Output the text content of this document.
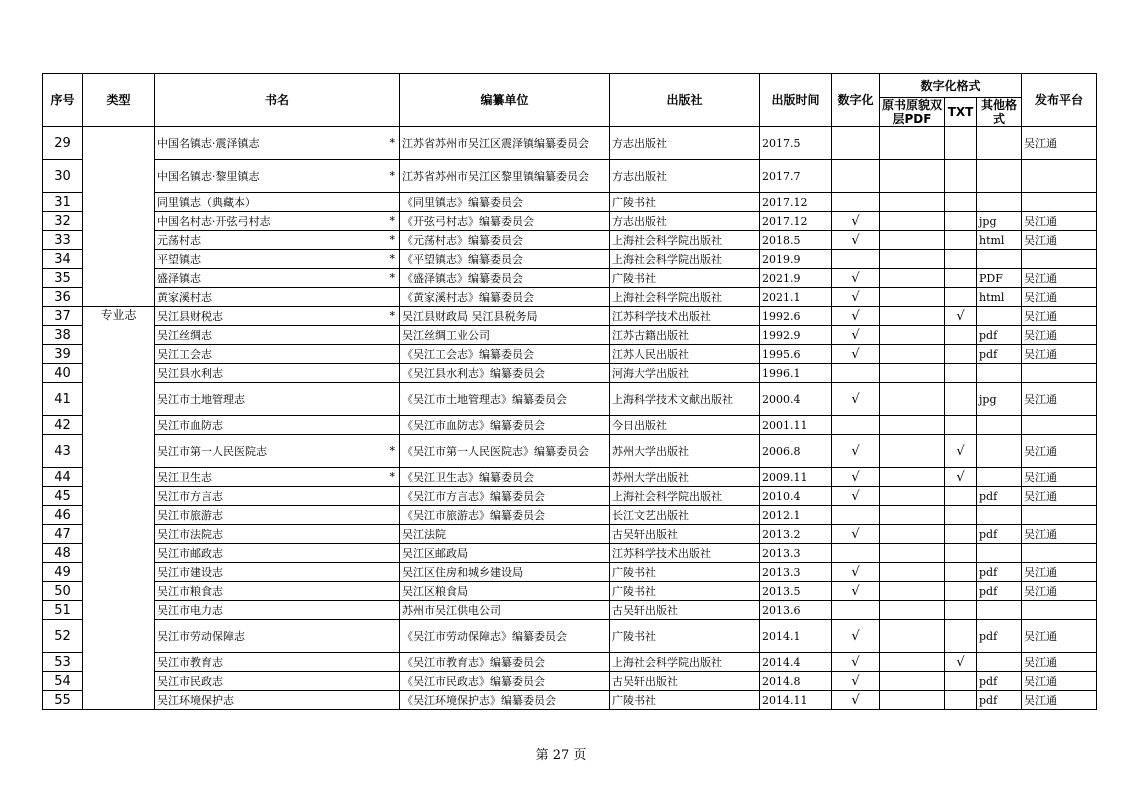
序号	类型	书名	编纂单位	出版社	出版时间	数字化	数字化格式			发布平台
							原书原貌双层PDF	TXT	其他格式	
29		中国名镇志·震泽镇志 *	江苏省苏州市吴江区震泽镇编纂委员会	方志出版社	2017.5					吴江通
30		中国名镇志·黎里镇志 *	江苏省苏州市吴江区黎里镇编纂委员会	方志出版社	2017.7					
31		同里镇志（典藏本）	《同里镇志》编纂委员会	广陵书社	2017.12					
32		中国名村志·开弦弓村志 *	《开弦弓村志》编纂委员会	方志出版社	2017.12	√			jpg	吴江通
33		元荡村志 *	《元荡村志》编纂委员会	上海社会科学院出版社	2018.5	√			html	吴江通
34		平望镇志 *	《平望镇志》编纂委员会	上海社会科学院出版社	2019.9					
35		盛泽镇志 *	《盛泽镇志》编纂委员会	广陵书社	2021.9	√			PDF	吴江通
36		黄家溪村志	《黄家溪村志》编纂委员会	上海社会科学院出版社	2021.1	√			html	吴江通
37	专业志	吴江县财税志 *	吴江县财政局 吴江县税务局	江苏科学技术出版社	1992.6	√		√		吴江通
38		吴江丝绸志	吴江丝绸工业公司	江苏古籍出版社	1992.9	√			pdf	吴江通
39		吴江工会志	《吴江工会志》编纂委员会	江苏人民出版社	1995.6	√			pdf	吴江通
40		吴江县水利志	《吴江县水利志》编纂委员会	河海大学出版社	1996.1					
41		吴江市土地管理志	《吴江市土地管理志》编纂委员会	上海科学技术文献出版社	2000.4	√			jpg	吴江通
42		吴江市血防志	《吴江市血防志》编纂委员会	今日出版社	2001.11					
43		吴江市第一人民医院志 *	《吴江市第一人民医院志》编纂委员会	苏州大学出版社	2006.8	√		√		吴江通
44		吴江卫生志 *	《吴江卫生志》编纂委员会	苏州大学出版社	2009.11	√		√		吴江通
45		吴江市方言志	《吴江市方言志》编纂委员会	上海社会科学院出版社	2010.4	√			pdf	吴江通
46		吴江市旅游志	《吴江市旅游志》编纂委员会	长江文艺出版社	2012.1					
47		吴江市法院志	吴江法院	古吴轩出版社	2013.2	√			pdf	吴江通
48		吴江市邮政志	吴江区邮政局	江苏科学技术出版社	2013.3					
49		吴江市建设志	吴江区住房和城乡建设局	广陵书社	2013.3	√			pdf	吴江通
50		吴江市粮食志	吴江区粮食局	广陵书社	2013.5	√			pdf	吴江通
51		吴江市电力志	苏州市吴江供电公司	古吴轩出版社	2013.6					
52		吴江市劳动保障志	《吴江市劳动保障志》编纂委员会	广陵书社	2014.1	√			pdf	吴江通
53		吴江市教育志	《吴江市教育志》编纂委员会	上海社会科学院出版社	2014.4	√		√		吴江通
54		吴江市民政志	《吴江市民政志》编纂委员会	古吴轩出版社	2014.8	√			pdf	吴江通
55		吴江环境保护志	《吴江环境保护志》编纂委员会	广陵书社	2014.11	√			pdf	吴江通
第 27 页
